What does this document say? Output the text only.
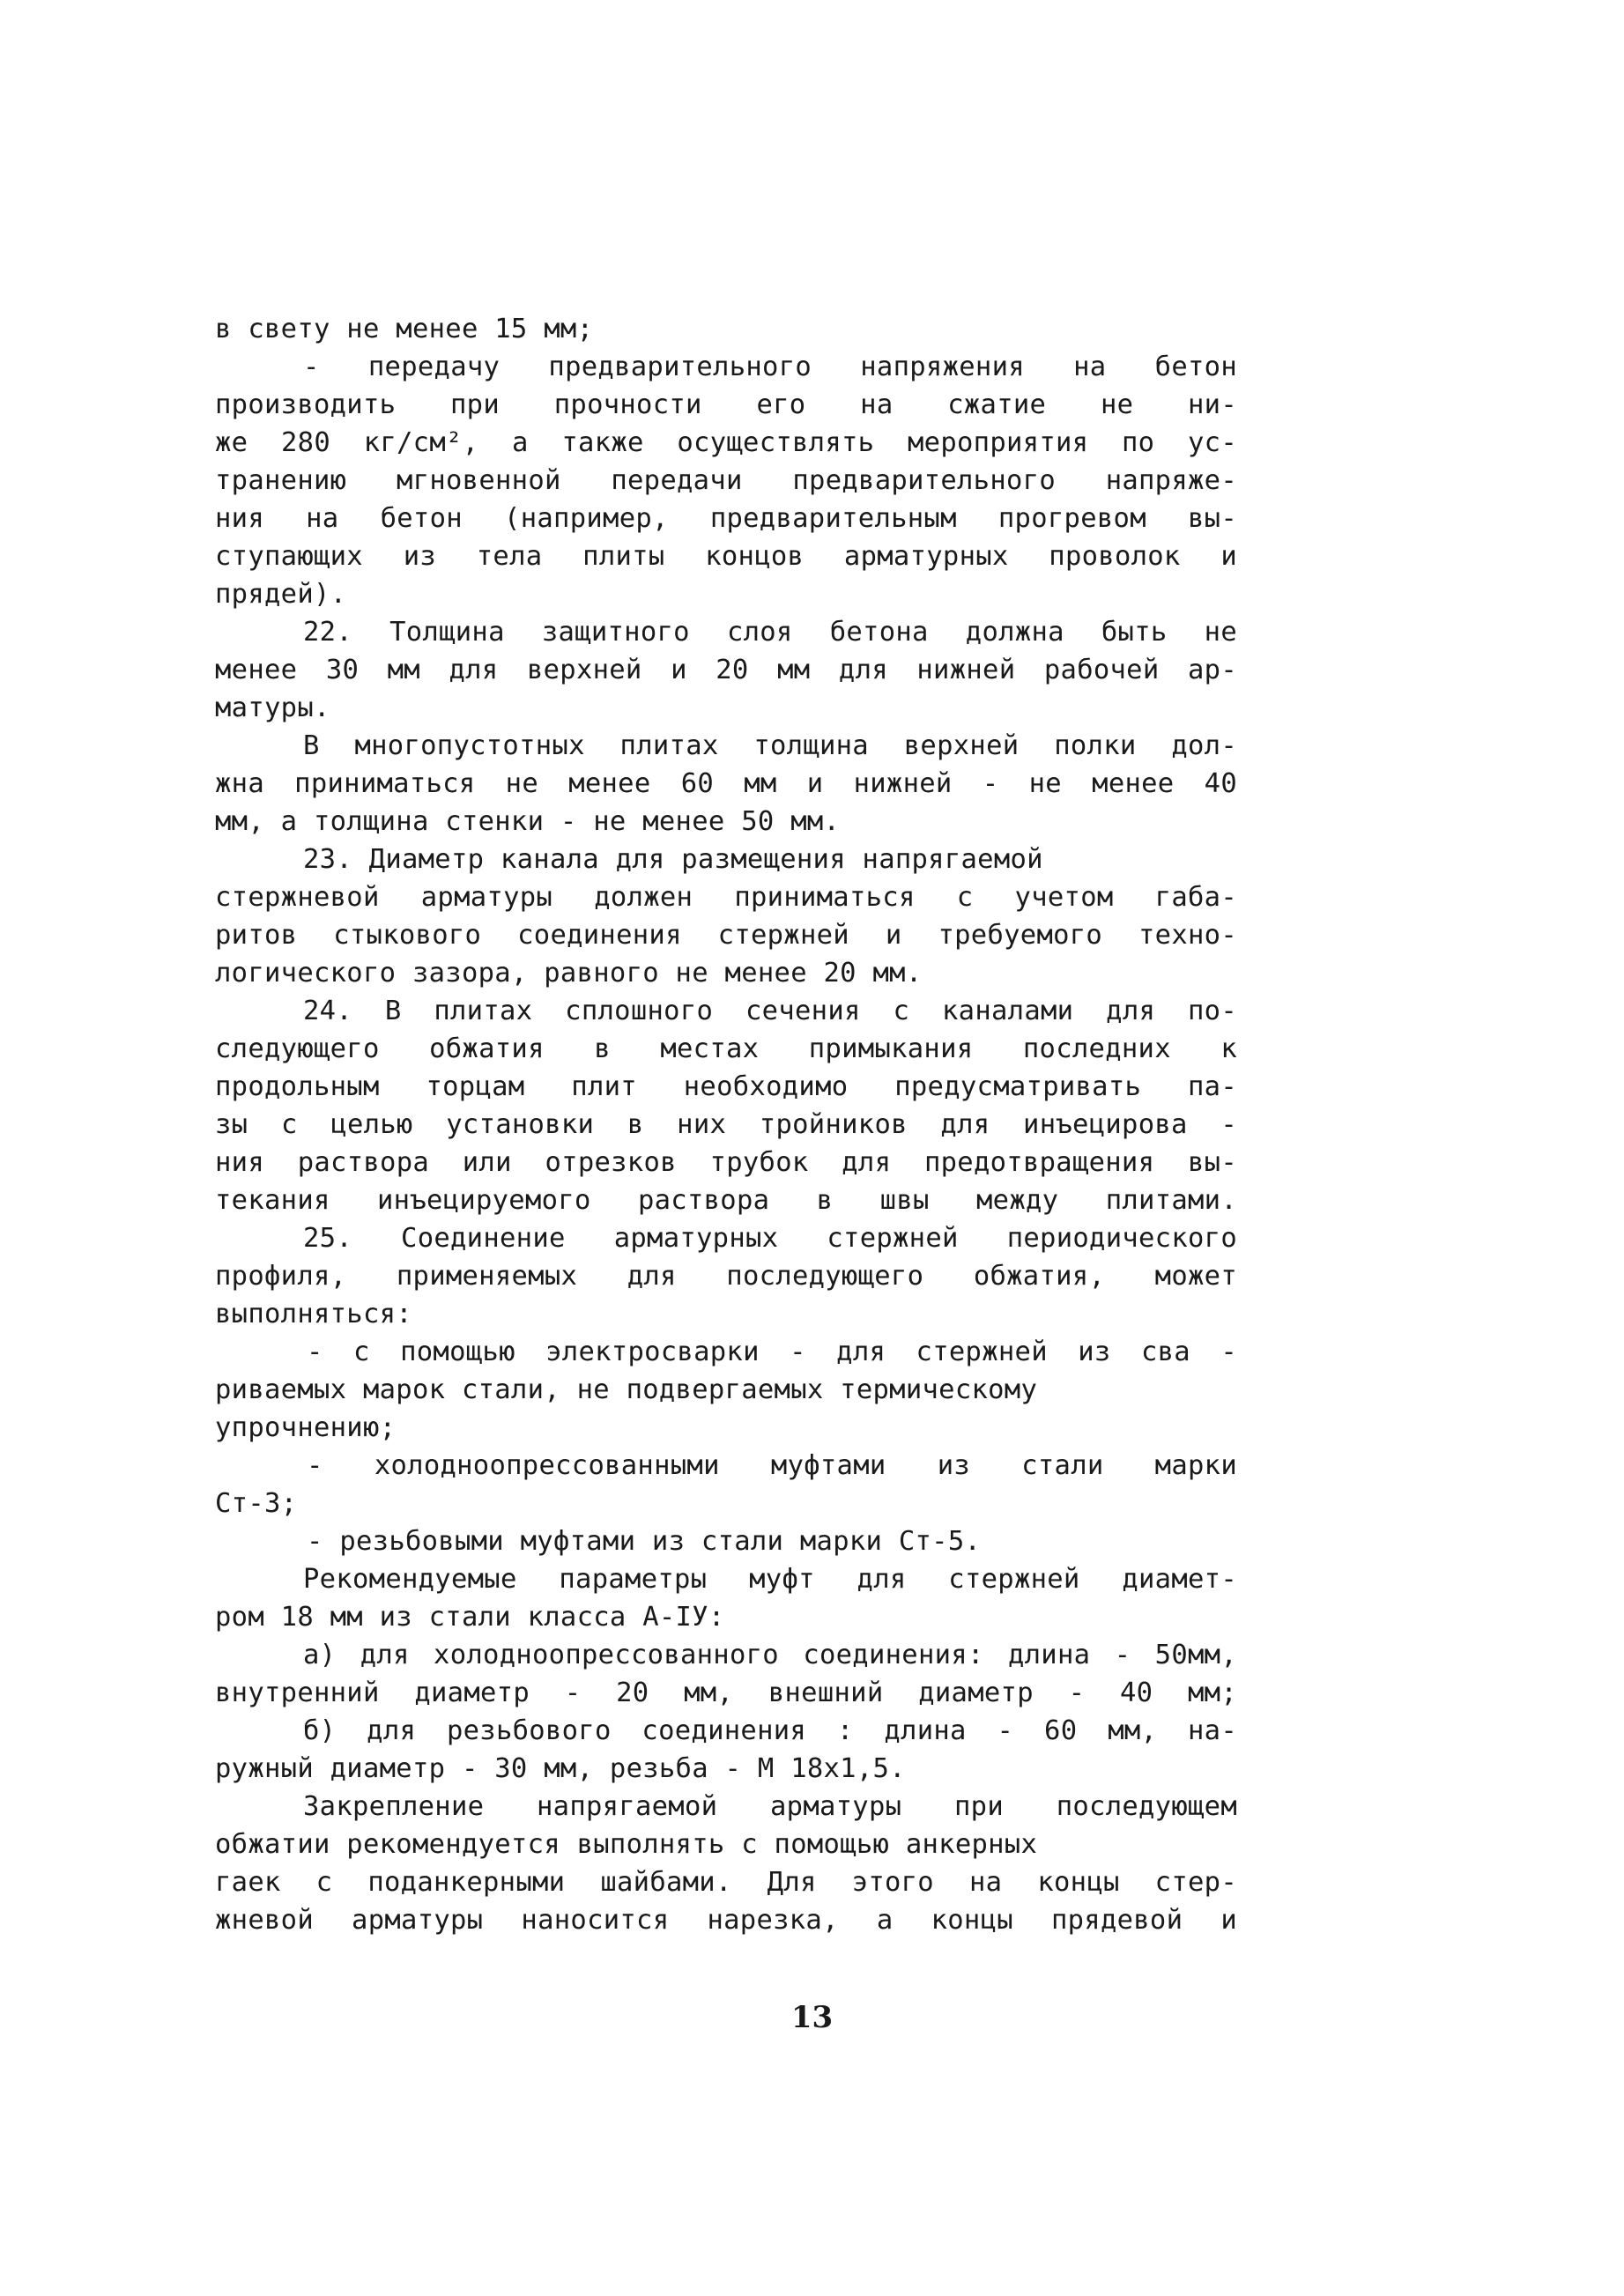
в свету не менее 15 мм;
- передачу предварительного напряжения на бетон
производить при прочности его на сжатие не ни-
же 280 кг/см², а также осуществлять мероприятия по ус-
транению мгновенной передачи предварительного напряже-
ния на бетон (например, предварительным прогревом вы-
ступающих из тела плиты концов арматурных проволок и
прядей).
22. Толщина защитного слоя бетона должна быть не
менее 30 мм для верхней и 20 мм для нижней рабочей ар-
матуры.
В многопустотных плитах толщина верхней полки дол-
жна приниматься не менее 60 мм и нижней - не менее 40
мм, а толщина стенки - не менее 50 мм.
23. Диаметр канала для размещения напрягаемой
стержневой арматуры должен приниматься с учетом габа-
ритов стыкового соединения стержней и требуемого техно-
логического зазора, равного не менее 20 мм.
24. В плитах сплошного сечения с каналами для по-
следующего обжатия в местах примыкания последних к
продольным торцам плит необходимо предусматривать па-
зы с целью установки в них тройников для инъецирова -
ния раствора или отрезков трубок для предотвращения вы-
текания инъецируемого раствора в швы между плитами.
25. Соединение арматурных стержней периодического
профиля, применяемых для последующего обжатия, может
выполняться:
- с помощью электросварки - для стержней из сва -
риваемых марок стали, не подвергаемых термическому
упрочнению;
- холодноопрессованными муфтами из стали марки
Ст-3;
- резьбовыми муфтами из стали марки Ст-5.
Рекомендуемые параметры муфт для стержней диамет-
ром 18 мм из стали класса А-IУ:
а) для холодноопрессованного соединения: длина - 50мм,
внутренний диаметр - 20 мм, внешний диаметр - 40 мм;
б) для резьбового соединения : длина - 60 мм, на-
ружный диаметр - 30 мм, резьба - М 18х1,5.
Закрепление напрягаемой арматуры при последующем
обжатии рекомендуется выполнять с помощью анкерных
гаек с подaнкерными шайбами. Для этого на концы стер-
жневой арматуры наносится нарезка, а концы прядевой и
13
